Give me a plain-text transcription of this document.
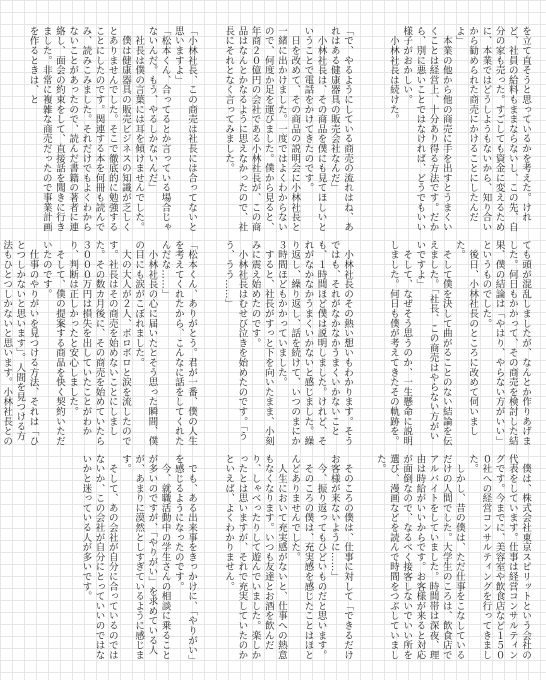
を立て直そうと思っているかを考えた。けれど、社員の給料もままならないし、この先、自分の家も売った。すごしても資金に変えるために、本業ではどうしようもないから、知り合いから勧められた商売にかけることにしたんだよ」
　本業の他から他の商売に手を出すとうまくいくことは経営上、十分あり得る方法です。だから、別に悪いことではなければ、どうでもいい様子がおかしい。
　小林社長は続けた。
「で、やるようにしている商売の流れはね、あれはある健康器具の販売会社なんだ」
　小林社長は、その商品を僕にも見てほしいということで電話をかけてきたのです。
　日を改めて、その商品の説明会に小林社長と一緒に出かけました。一度ではよくわからないので、何度か足を運びました。僕から見ると、年商２０億円の会社である小林社長が、この商品はなんとかなるように思えなかったので、社長にそれとなく言ってみました。
「小林社長、この商売は社長には合ってないと思いますよ」
「松本くん、合ってるとか言っている場合じゃないんだ。もう、やるしかないんだ」
　社長は僕の言葉には耳を傾けませんでした。
　僕は健康器具の販売ビジネスの知識が乏しくとありませんでした。そこで徹底的に勉強することにしたのです。関連する本を何冊も読んでみ、読みこみました。それだけでもよくわからないことがあったので、読んだ書籍の著者に連絡し、面会の約束をして、直接話を聞きに行きました。非常に複雑な商売だったので事業計画を作るときは、と
ても頭が混乱しましたが、なんとか作りあげました。何日もかかって、その商売を検討した結果、僕の結論は「やはり、やらない方がいい」というものでした。
　後日、小林社長のところに改めて伺いました。
　そして僕を決して曲がることのない結論を伝えました。「社長、この商売はやらない方がいいですよ」
　そして、なぜそう思うのか、一生懸命に説明しました。何日も僕が考えてきたその軌跡を。
　小林社長のその熱い想いもわかります。そうではも、それがなかなかうまくいかないことも、１時間ほど僕は説明しました。けれど、それがなかなかうまくいかないと感じました。繰り返し、繰り返し、話を続けて、いつのまにか３時間ほどもかかっていました。
　すると、社長がすっと下を向いたまま、小刻みに震え始めたのです。
　小林社長はむせび泣きを始めたのです。「うう、うう……」
「松本くん、ありがとう。君が一番、僕の人生を考えてくれたから、こんなに話をしてくれたんだな……」
　小林社長の心に届いたとそう思った瞬間、僕の目にも涙がこぼれました。
　大の大人が２人、ボロボロと涙を流したのです。社長はその商売を始めないことにしました。その数カ月後に、その商売を始めていたら３０００万円は損失を出していたことがわかり、判断は正しかったと安心しました。
　そして、僕の提案する商品を快く契約いただいたのです。
　仕事のやりがいを見つける方法、それは「ひとつしかないと思います」。人間を見つける方法もひとつしかないと思います。小林社長との
　僕は、株式会社東京スピリットという会社の代表をしています。仕事は経営コンサルティングです。今までに、美容室や飲食店など１５００社への経営コンサルティングを行ってきました。
　しかし、昔の僕は、ただ仕事をこなしているだけの人間でした。大学生のころは、飲食店でアルバイトをしていました。時間帯は深夜、理由は時給がいいからです。お客様が来ると対応が面倒なので、なるべく接客しないでいい所を選び、漫画などを読んで時間をつぶしていました。
　そのころの僕は、仕事に対して「できるだけお客様が来ないように……」
　今、振り返ってもひどいものだと思います。
　そのころの僕は、充実感を感じたことはほとんどありませんでした。
　人生において充実感がないと、仕事への熱意もなくなります。いつも友達とお酒を飲んだり、しゃべったりして遊んでいました。楽しかったとは思いますが、それで充実していたのかといえば、よくわかりません。
　でも、ある出来事をきっかけに、「やりがい」を感じるようになったのです。
　今、就職活動中の学生さんの相談に乗ることが多いのですが、「やりがい」を求めている人が、あまりに漠然としすぎているように感じます。
　そして、あの会社が自分に合っているのではないか、この会社が自分にとっていいのではないかと迷っている人が多いです。
